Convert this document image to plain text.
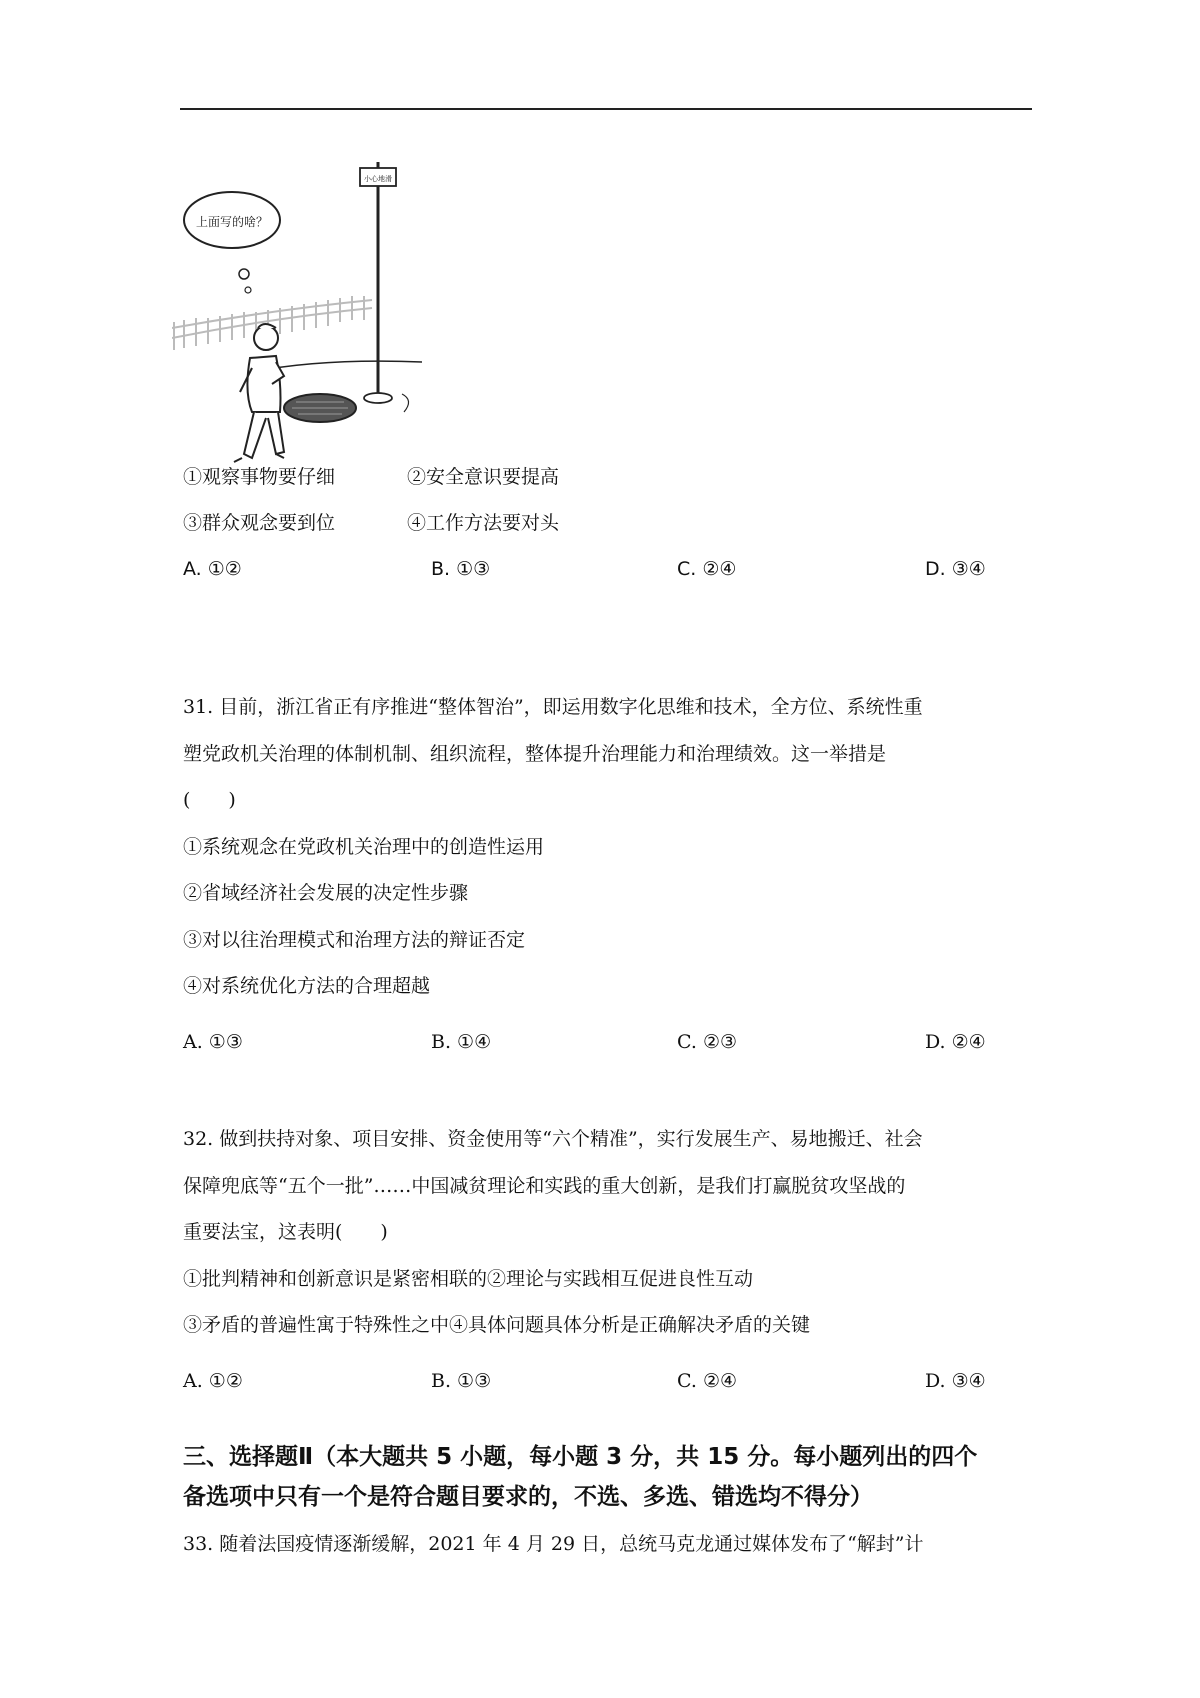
上面写的啥？
小心地滑
①观察事物要仔细	②安全意识要提高
③群众观念要到位	④工作方法要对头
A. ①②	B. ①③	C. ②④	D. ③④
31. 目前，浙江省正有序推进“整体智治”，即运用数字化思维和技术，全方位、系统性重
塑党政机关治理的体制机制、组织流程，整体提升治理能力和治理绩效。这一举措是
(　　)
①系统观念在党政机关治理中的创造性运用
②省域经济社会发展的决定性步骤
③对以往治理模式和治理方法的辩证否定
④对系统优化方法的合理超越
A. ①③	B. ①④	C. ②③	D. ②④
32. 做到扶持对象、项目安排、资金使用等“六个精准”，实行发展生产、易地搬迁、社会
保障兜底等“五个一批”……中国减贫理论和实践的重大创新，是我们打赢脱贫攻坚战的
重要法宝，这表明(　　)
①批判精神和创新意识是紧密相联的②理论与实践相互促进良性互动
③矛盾的普遍性寓于特殊性之中④具体问题具体分析是正确解决矛盾的关键
A. ①②	B. ①③	C. ②④	D. ③④
三、选择题Ⅱ（本大题共 5 小题，每小题 3 分，共 15 分。每小题列出的四个
备选项中只有一个是符合题目要求的，不选、多选、错选均不得分）
33. 随着法国疫情逐渐缓解，2021 年 4 月 29 日，总统马克龙通过媒体发布了“解封”计
